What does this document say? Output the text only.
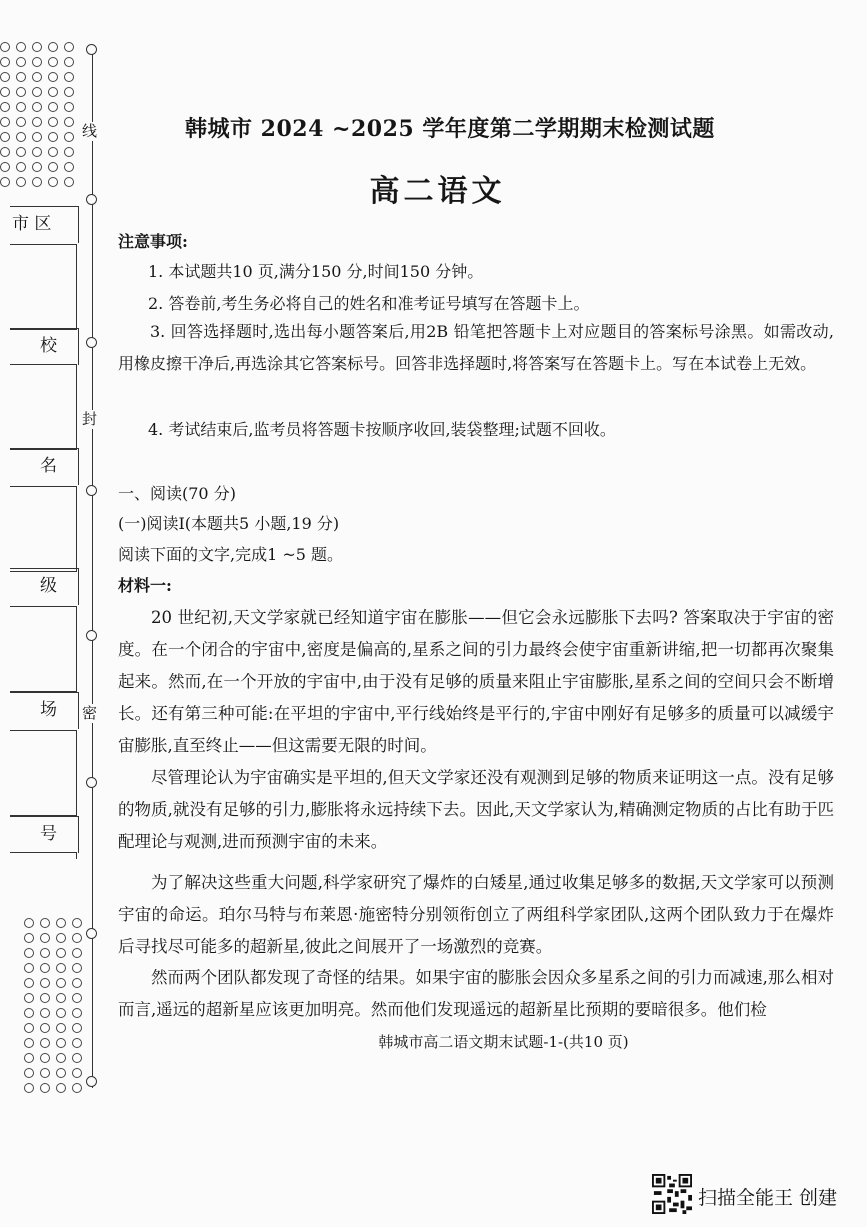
线
封
密
市 区
校
名
级
场
号
韩城市 2024 ~2025 学年度第二学期期末检测试题
高二语文
注意事项:
1. 本试题共10 页,满分150 分,时间150 分钟。
2. 答卷前,考生务必将自己的姓名和准考证号填写在答题卡上。
3. 回答选择题时,选出每小题答案后,用2B 铅笔把答题卡上对应题目的答案标号涂黑。如需改动,用橡皮擦干净后,再选涂其它答案标号。回答非选择题时,将答案写在答题卡上。写在本试卷上无效。
4. 考试结束后,监考员将答题卡按顺序收回,装袋整理;试题不回收。
一、阅读(70 分)
(一)阅读Ⅰ(本题共5 小题,19 分)
阅读下面的文字,完成1 ~5 题。
材料一:
20 世纪初,天文学家就已经知道宇宙在膨胀——但它会永远膨胀下去吗? 答案取决于宇宙的密度。在一个闭合的宇宙中,密度是偏高的,星系之间的引力最终会使宇宙重新讲缩,把一切都再次聚集起来。然而,在一个开放的宇宙中,由于没有足够的质量来阻止宇宙膨胀,星系之间的空间只会不断增长。还有第三种可能:在平坦的宇宙中,平行线始终是平行的,宇宙中刚好有足够多的质量可以减缓宇宙膨胀,直至终止——但这需要无限的时间。
尽管理论认为宇宙确实是平坦的,但天文学家还没有观测到足够的物质来证明这一点。没有足够的物质,就没有足够的引力,膨胀将永远持续下去。因此,天文学家认为,精确测定物质的占比有助于匹配理论与观测,进而预测宇宙的未来。
为了解决这些重大问题,科学家研究了爆炸的白矮星,通过收集足够多的数据,天文学家可以预测宇宙的命运。珀尔马特与布莱恩·施密特分别领衔创立了两组科学家团队,这两个团队致力于在爆炸后寻找尽可能多的超新星,彼此之间展开了一场激烈的竞赛。
然而两个团队都发现了奇怪的结果。如果宇宙的膨胀会因众多星系之间的引力而减速,那么相对而言,遥远的超新星应该更加明亮。然而他们发现遥远的超新星比预期的要暗很多。他们检
韩城市高二语文期末试题-1-(共10 页)
扫描全能王 创建
